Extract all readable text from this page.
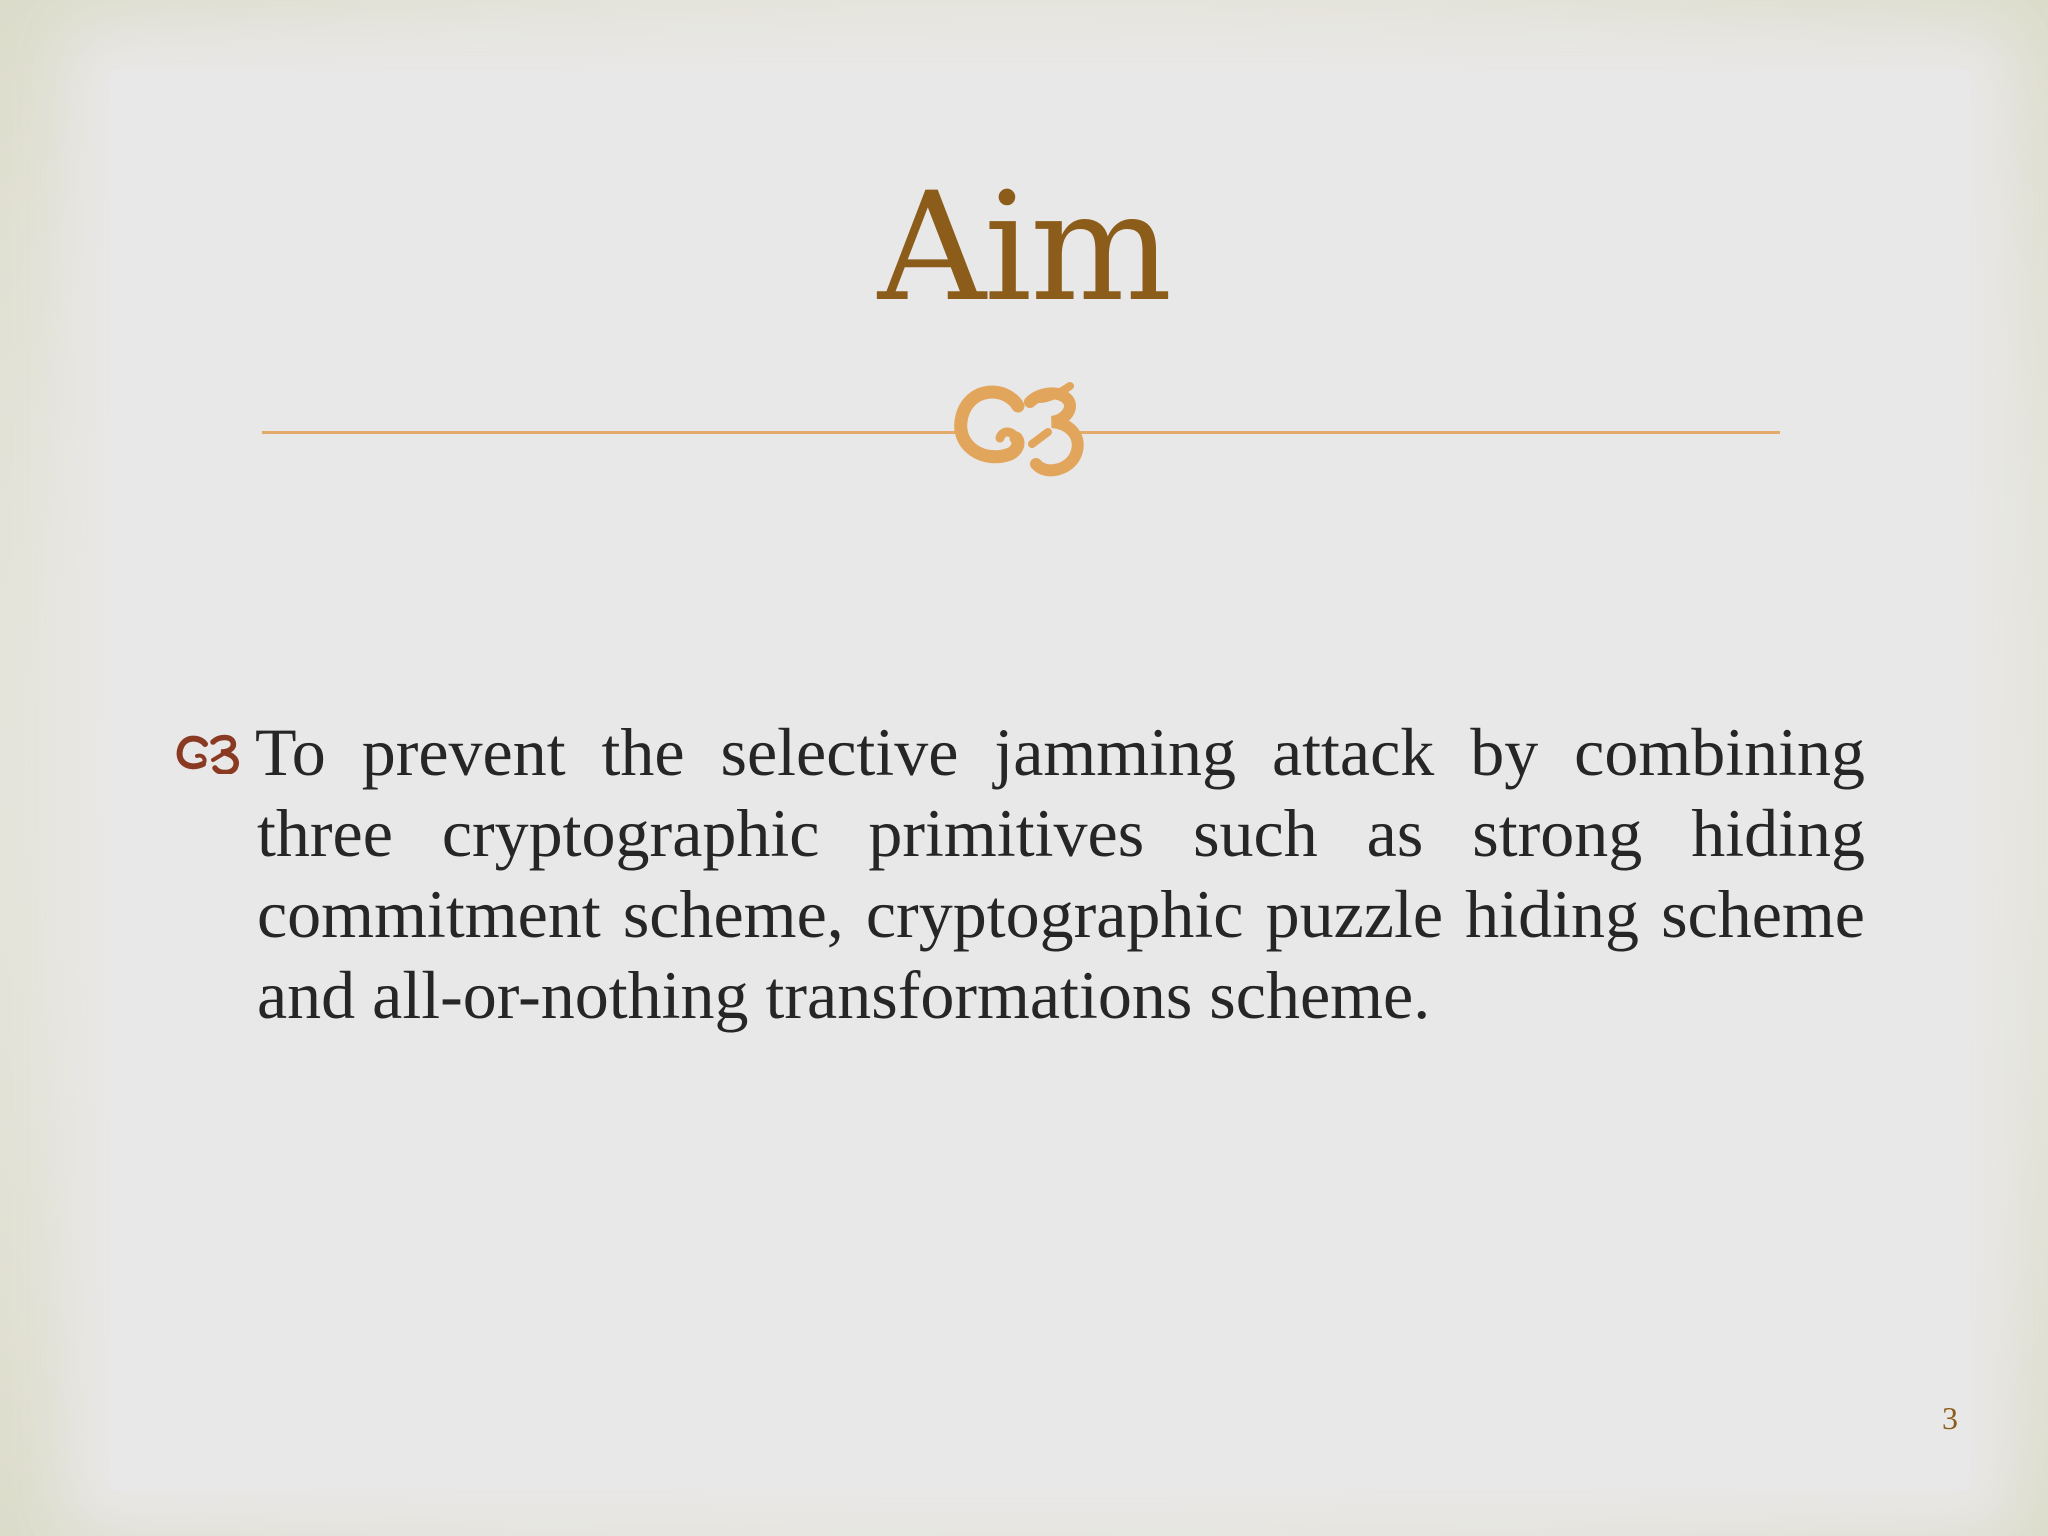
Aim

To prevent the selective jamming attack by combining three cryptographic primitives such as strong hiding commitment scheme, cryptographic puzzle hiding scheme and all-or-nothing transformations scheme.

3
